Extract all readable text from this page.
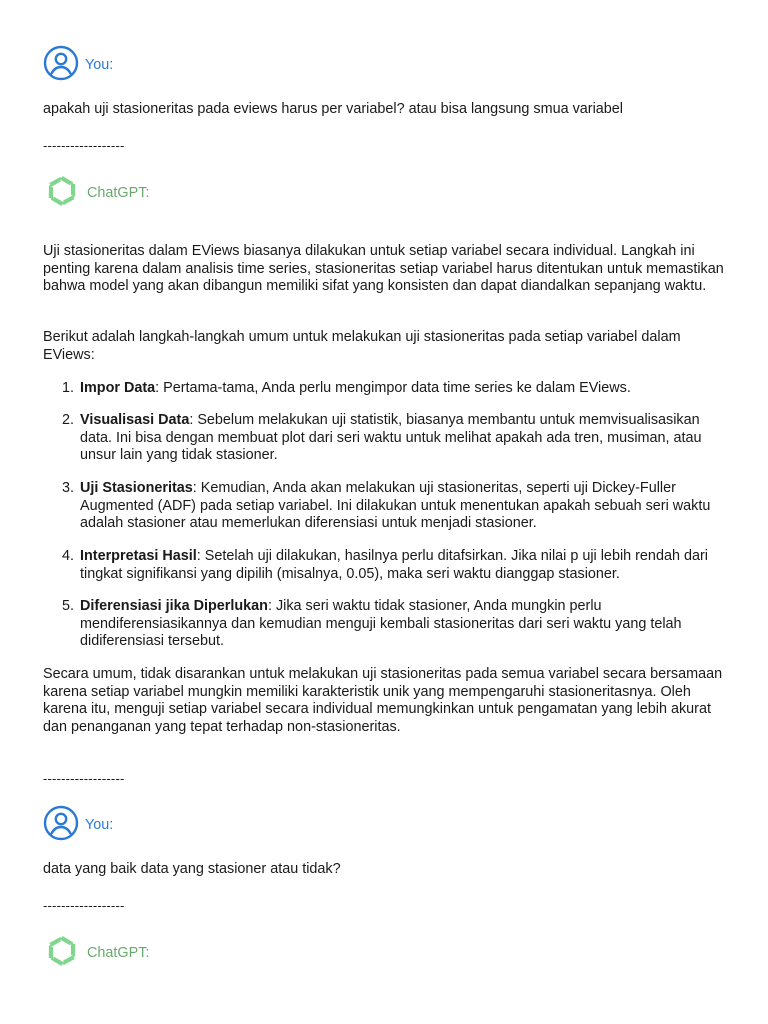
You:
apakah uji stasioneritas pada eviews harus per variabel? atau bisa langsung smua variabel
------------------
ChatGPT:
Uji stasioneritas dalam EViews biasanya dilakukan untuk setiap variabel secara individual. Langkah ini penting karena dalam analisis time series, stasioneritas setiap variabel harus ditentukan untuk memastikan bahwa model yang akan dibangun memiliki sifat yang konsisten dan dapat diandalkan sepanjang waktu.
Berikut adalah langkah-langkah umum untuk melakukan uji stasioneritas pada setiap variabel dalam EViews:
1. Impor Data: Pertama-tama, Anda perlu mengimpor data time series ke dalam EViews.
2. Visualisasi Data: Sebelum melakukan uji statistik, biasanya membantu untuk memvisualisasikan data. Ini bisa dengan membuat plot dari seri waktu untuk melihat apakah ada tren, musiman, atau unsur lain yang tidak stasioner.
3. Uji Stasioneritas: Kemudian, Anda akan melakukan uji stasioneritas, seperti uji Dickey-Fuller Augmented (ADF) pada setiap variabel. Ini dilakukan untuk menentukan apakah sebuah seri waktu adalah stasioner atau memerlukan diferensiasi untuk menjadi stasioner.
4. Interpretasi Hasil: Setelah uji dilakukan, hasilnya perlu ditafsirkan. Jika nilai p uji lebih rendah dari tingkat signifikansi yang dipilih (misalnya, 0.05), maka seri waktu dianggap stasioner.
5. Diferensiasi jika Diperlukan: Jika seri waktu tidak stasioner, Anda mungkin perlu mendiferensiasikannya dan kemudian menguji kembali stasioneritas dari seri waktu yang telah didiferensiasi tersebut.
Secara umum, tidak disarankan untuk melakukan uji stasioneritas pada semua variabel secara bersamaan karena setiap variabel mungkin memiliki karakteristik unik yang mempengaruhi stasioneritasnya. Oleh karena itu, menguji setiap variabel secara individual memungkinkan untuk pengamatan yang lebih akurat dan penanganan yang tepat terhadap non-stasioneritas.
------------------
You:
data yang baik data yang stasioner atau tidak?
------------------
ChatGPT:
